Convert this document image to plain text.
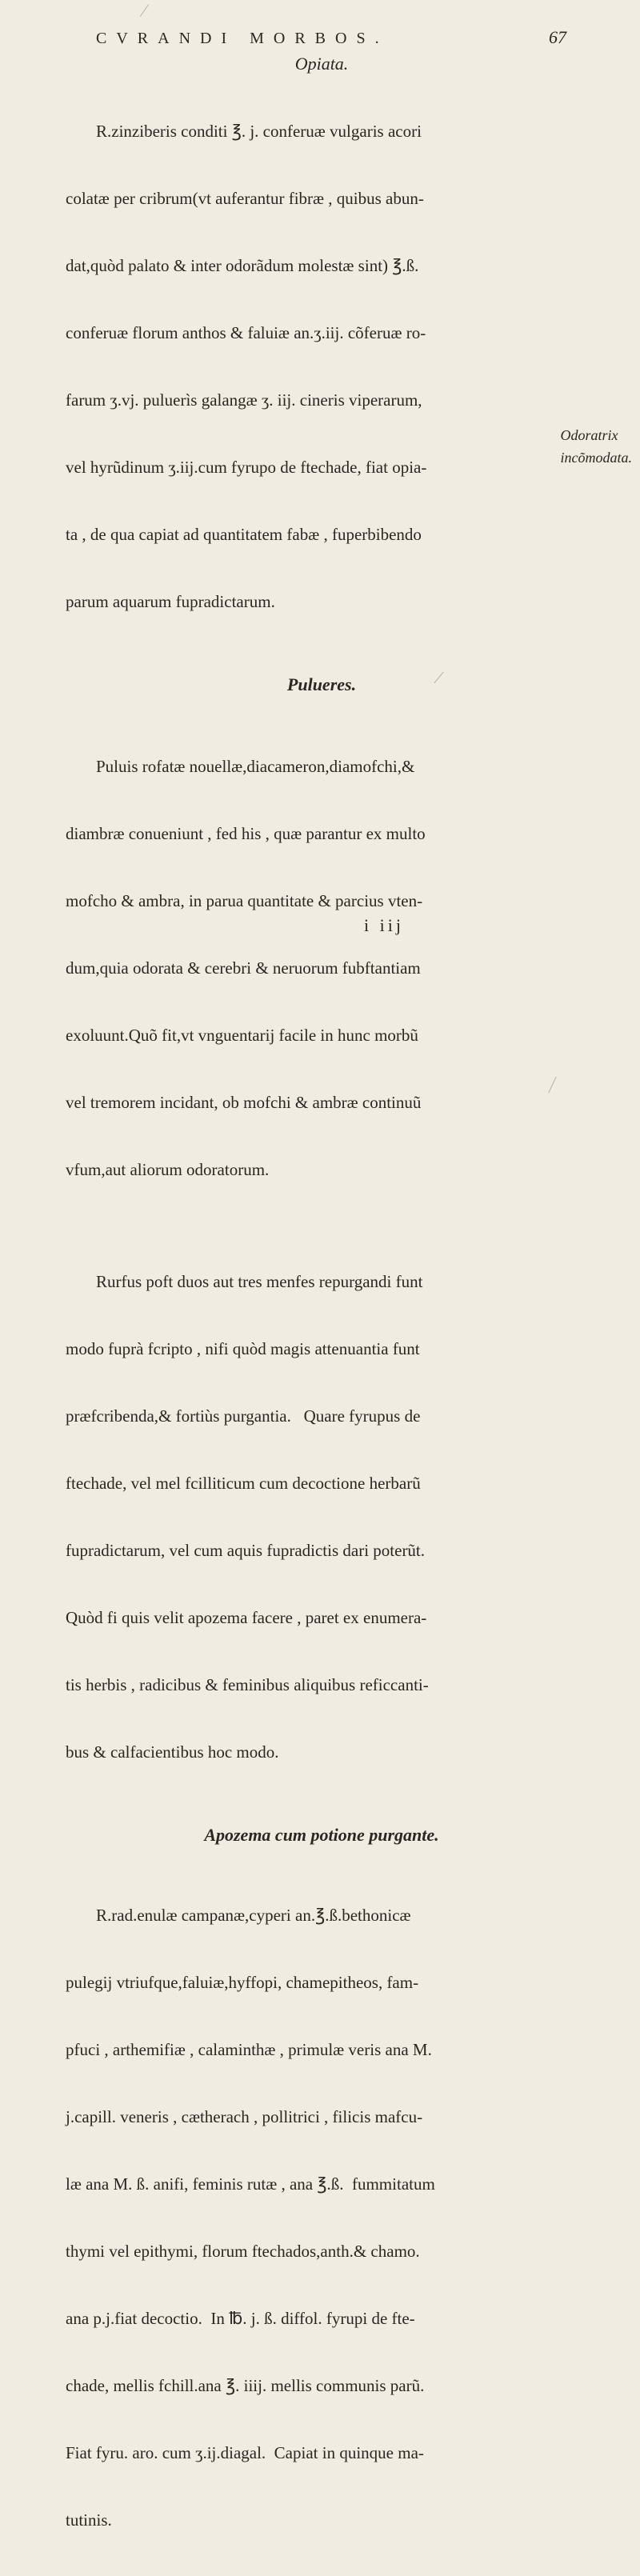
CVRANDI MORBOS.	67

Opiata.

R.zinziberis conditi ℥. j. conferuæ vulgaris acori

colatæ per cribrum(vt auferantur fibræ , quibus abun-

dat,quòd palato & inter odorãdum molestæ sint) ℥.ß.

conferuæ florum anthos & faluiæ an.ʒ.iij. cõferuæ ro-

farum ʒ.vj. puluerìs galangæ ʒ. iij. cineris viperarum,

vel hyrũdinum ʒ.iij.cum fyrupo de ftechade, fiat opia-

ta , de qua capiat ad quantitatem fabæ , fuperbibendo

parum aquarum fupradictarum.

Pulueres.

Puluis rofatæ nouellæ,diacameron,diamofchi,&

diambræ conueniunt , fed his , quæ parantur ex multo

mofcho & ambra, in parua quantitate & parcius vten-

dum,quia odorata & cerebri & neruorum fubftantiam

exoluunt.Quõ fit,vt vnguentarij facile in hunc morbũ

vel tremorem incidant, ob mofchi & ambræ continuũ

vfum,aut aliorum odoratorum.

Rurfus poft duos aut tres menfes repurgandi funt

modo fuprà fcripto , nifi quòd magis attenuantia funt

præfcribenda,& fortiùs purgantia.   Quare fyrupus de

ftechade, vel mel fcilliticum cum decoctione herbarũ

fupradictarum, vel cum aquis fupradictis dari poterũt.

Quòd fi quis velit apozema facere , paret ex enumera-

tis herbis , radicibus & feminibus aliquibus reficcanti-

bus & calfacientibus hoc modo.

Apozema cum potione purgante.

R.rad.enulæ campanæ,cyperi an.℥.ß.bethonicæ

pulegij vtriufque,faluiæ,hyffopi, chamepitheos, fam-

pfuci , arthemifiæ , calaminthæ , primulæ veris ana M.

j.capill. veneris , cætherach , pollitrici , filicis mafcu-

læ ana M. ß. anifi, feminis rutæ , ana ℥.ß.  fummitatum

thymi vel epithymi, florum ftechados,anth.& chamo.

ana p.j.fiat decoctio.  In ℔. j. ß. diffol. fyrupi de fte-

chade, mellis fchill.ana ℥. iiij. mellis communis parũ.

Fiat fyru. aro. cum ʒ.ij.diagal.  Capiat in quinque ma-

tutinis.

Odoratrix
incõmodata.
i iij
